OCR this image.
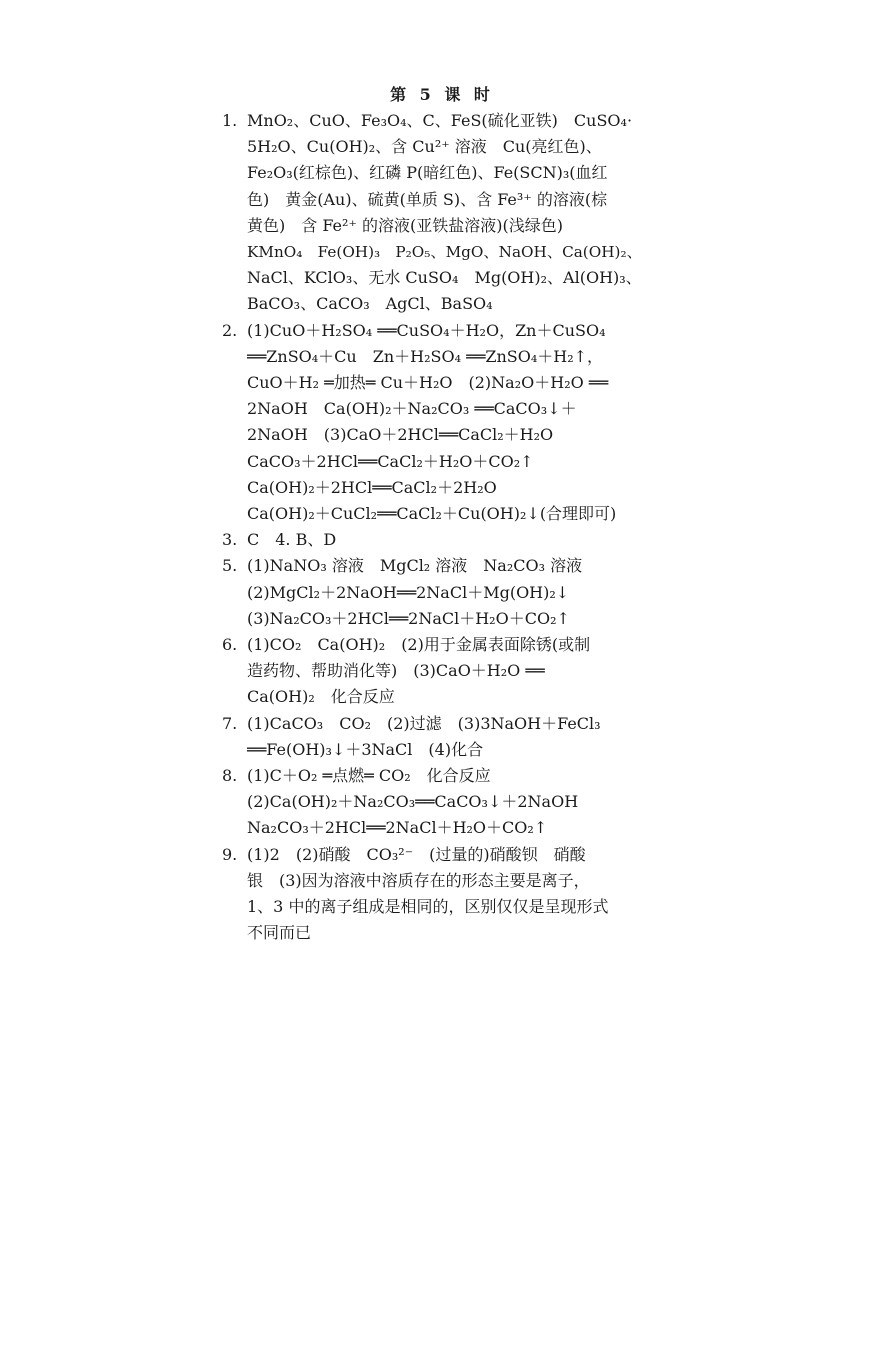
第 5 课 时
1. MnO₂、CuO、Fe₃O₄、C、FeS(硫化亚铁)　CuSO₄·
5H₂O、Cu(OH)₂、含 Cu²⁺ 溶液　Cu(亮红色)、
Fe₂O₃(红棕色)、红磷 P(暗红色)、Fe(SCN)₃(血红
色)　黄金(Au)、硫黄(单质 S)、含 Fe³⁺ 的溶液(棕
黄色)　含 Fe²⁺ 的溶液(亚铁盐溶液)(浅绿色)
KMnO₄　Fe(OH)₃　P₂O₅、MgO、NaOH、Ca(OH)₂、
NaCl、KClO₃、无水 CuSO₄　Mg(OH)₂、Al(OH)₃、
BaCO₃、CaCO₃　AgCl、BaSO₄
2. (1)CuO＋H₂SO₄ ══CuSO₄＋H₂O，Zn＋CuSO₄
══ZnSO₄＋Cu　Zn＋H₂SO₄ ══ZnSO₄＋H₂↑，
CuO＋H₂ ═加热═ Cu＋H₂O　(2)Na₂O＋H₂O ══
2NaOH　Ca(OH)₂＋Na₂CO₃ ══CaCO₃↓＋
2NaOH　(3)CaO＋2HCl══CaCl₂＋H₂O
CaCO₃＋2HCl══CaCl₂＋H₂O＋CO₂↑
Ca(OH)₂＋2HCl══CaCl₂＋2H₂O
Ca(OH)₂＋CuCl₂══CaCl₂＋Cu(OH)₂↓(合理即可)
3. C　4. B、D
5. (1)NaNO₃ 溶液　MgCl₂ 溶液　Na₂CO₃ 溶液
(2)MgCl₂＋2NaOH══2NaCl＋Mg(OH)₂↓
(3)Na₂CO₃＋2HCl══2NaCl＋H₂O＋CO₂↑
6. (1)CO₂　Ca(OH)₂　(2)用于金属表面除锈(或制
造药物、帮助消化等)　(3)CaO＋H₂O ══
Ca(OH)₂　化合反应
7. (1)CaCO₃　CO₂　(2)过滤　(3)3NaOH＋FeCl₃
══Fe(OH)₃↓＋3NaCl　(4)化合
8. (1)C＋O₂ ═点燃═ CO₂　化合反应
(2)Ca(OH)₂＋Na₂CO₃══CaCO₃↓＋2NaOH
Na₂CO₃＋2HCl══2NaCl＋H₂O＋CO₂↑
9. (1)2　(2)硝酸　CO₃²⁻　(过量的)硝酸钡　硝酸
银　(3)因为溶液中溶质存在的形态主要是离子，
1、3 中的离子组成是相同的，区别仅仅是呈现形式
不同而已
